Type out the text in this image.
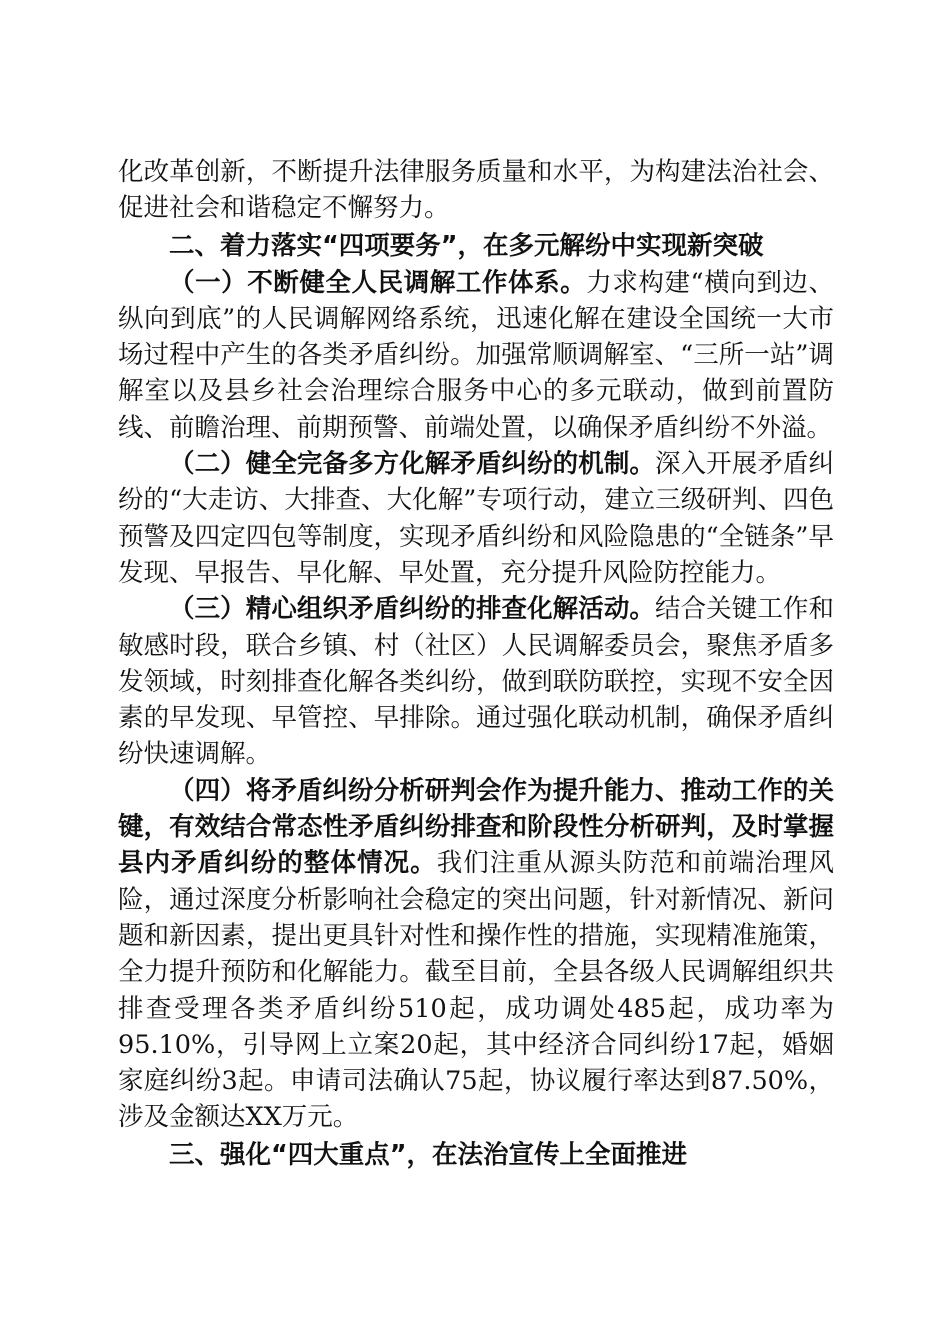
化改革创新，不断提升法律服务质量和水平，为构建法治社会、促进社会和谐稳定不懈努力。

二、着力落实“四项要务”，在多元解纷中实现新突破

（一）不断健全人民调解工作体系。力求构建“横向到边、纵向到底”的人民调解网络系统，迅速化解在建设全国统一大市场过程中产生的各类矛盾纠纷。加强常顺调解室、“三所一站”调解室以及县乡社会治理综合服务中心的多元联动，做到前置防线、前瞻治理、前期预警、前端处置，以确保矛盾纠纷不外溢。

（二）健全完备多方化解矛盾纠纷的机制。深入开展矛盾纠纷的“大走访、大排查、大化解”专项行动，建立三级研判、四色预警及四定四包等制度，实现矛盾纠纷和风险隐患的“全链条”早发现、早报告、早化解、早处置，充分提升风险防控能力。

（三）精心组织矛盾纠纷的排查化解活动。结合关键工作和敏感时段，联合乡镇、村（社区）人民调解委员会，聚焦矛盾多发领域，时刻排查化解各类纠纷，做到联防联控，实现不安全因素的早发现、早管控、早排除。通过强化联动机制，确保矛盾纠纷快速调解。

（四）将矛盾纠纷分析研判会作为提升能力、推动工作的关键，有效结合常态性矛盾纠纷排查和阶段性分析研判，及时掌握县内矛盾纠纷的整体情况。我们注重从源头防范和前端治理风险，通过深度分析影响社会稳定的突出问题，针对新情况、新问题和新因素，提出更具针对性和操作性的措施，实现精准施策，全力提升预防和化解能力。截至目前，全县各级人民调解组织共排查受理各类矛盾纠纷510起，成功调处485起，成功率为95.10%，引导网上立案20起，其中经济合同纠纷17起，婚姻家庭纠纷3起。申请司法确认75起，协议履行率达到87.50%，涉及金额达XX万元。

三、强化“四大重点”，在法治宣传上全面推进
